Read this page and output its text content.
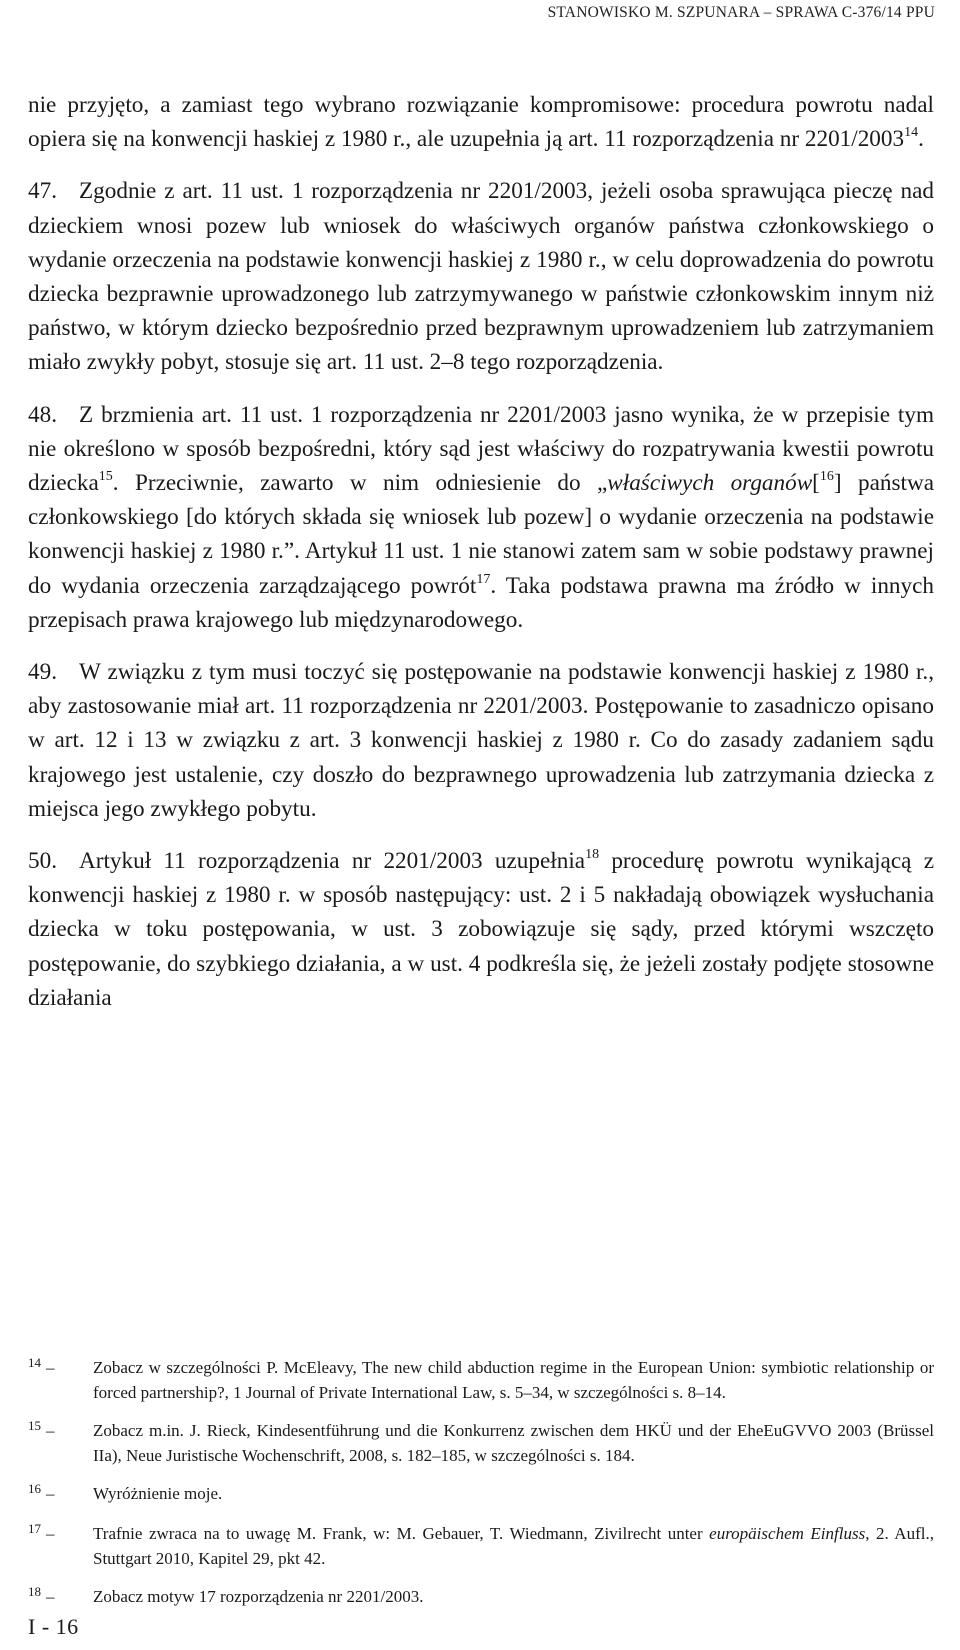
STANOWISKO M. SZPUNARA – SPRAWA C-376/14 PPU

nie przyjęto, a zamiast tego wybrano rozwiązanie kompromisowe: procedura powrotu nadal opiera się na konwencji haskiej z 1980 r., ale uzupełnia ją art. 11 rozporządzenia nr 2201/2003$^{14}$.

47. Zgodnie z art. 11 ust. 1 rozporządzenia nr 2201/2003, jeżeli osoba sprawująca pieczę nad dzieckiem wnosi pozew lub wniosek do właściwych organów państwa członkowskiego o wydanie orzeczenia na podstawie konwencji haskiej z 1980 r., w celu doprowadzenia do powrotu dziecka bezprawnie uprowadzonego lub zatrzymywanego w państwie członkowskim innym niż państwo, w którym dziecko bezpośrednio przed bezprawnym uprowadzeniem lub zatrzymaniem miało zwykły pobyt, stosuje się art. 11 ust. 2–8 tego rozporządzenia.

48. Z brzmienia art. 11 ust. 1 rozporządzenia nr 2201/2003 jasno wynika, że w przepisie tym nie określono w sposób bezpośredni, który sąd jest właściwy do rozpatrywania kwestii powrotu dziecka$^{15}$. Przeciwnie, zawarto w nim odniesienie do „właściwych organów[$^{16}$] państwa członkowskiego [do których składa się wniosek lub pozew] o wydanie orzeczenia na podstawie konwencji haskiej z 1980 r.”. Artykuł 11 ust. 1 nie stanowi zatem sam w sobie podstawy prawnej do wydania orzeczenia zarządzającego powrót$^{17}$. Taka podstawa prawna ma źródło w innych przepisach prawa krajowego lub międzynarodowego.

49. W związku z tym musi toczyć się postępowanie na podstawie konwencji haskiej z 1980 r., aby zastosowanie miał art. 11 rozporządzenia nr 2201/2003. Postępowanie to zasadniczo opisano w art. 12 i 13 w związku z art. 3 konwencji haskiej z 1980 r. Co do zasady zadaniem sądu krajowego jest ustalenie, czy doszło do bezprawnego uprowadzenia lub zatrzymania dziecka z miejsca jego zwykłego pobytu.

50. Artykuł 11 rozporządzenia nr 2201/2003 uzupełnia$^{18}$ procedurę powrotu wynikającą z konwencji haskiej z 1980 r. w sposób następujący: ust. 2 i 5 nakładają obowiązek wysłuchania dziecka w toku postępowania, w ust. 3 zobowiązuje się sądy, przed którymi wszczęto postępowanie, do szybkiego działania, a w ust. 4 podkreśla się, że jeżeli zostały podjęte stosowne działania

$^{14}$ – Zobacz w szczególności P. McEleavy, The new child abduction regime in the European Union: symbiotic relationship or forced partnership?, 1 Journal of Private International Law, s. 5–34, w szczególności s. 8–14.
$^{15}$ – Zobacz m.in. J. Rieck, Kindesentführung und die Konkurrenz zwischen dem HKÜ und der EheEuGVVO 2003 (Brüssel IIa), Neue Juristische Wochenschrift, 2008, s. 182–185, w szczególności s. 184.
$^{16}$ – Wyróżnienie moje.
$^{17}$ – Trafnie zwraca na to uwagę M. Frank, w: M. Gebauer, T. Wiedmann, Zivilrecht unter europäischem Einfluss, 2. Aufl., Stuttgart 2010, Kapitel 29, pkt 42.
$^{18}$ – Zobacz motyw 17 rozporządzenia nr 2201/2003.
I - 16
